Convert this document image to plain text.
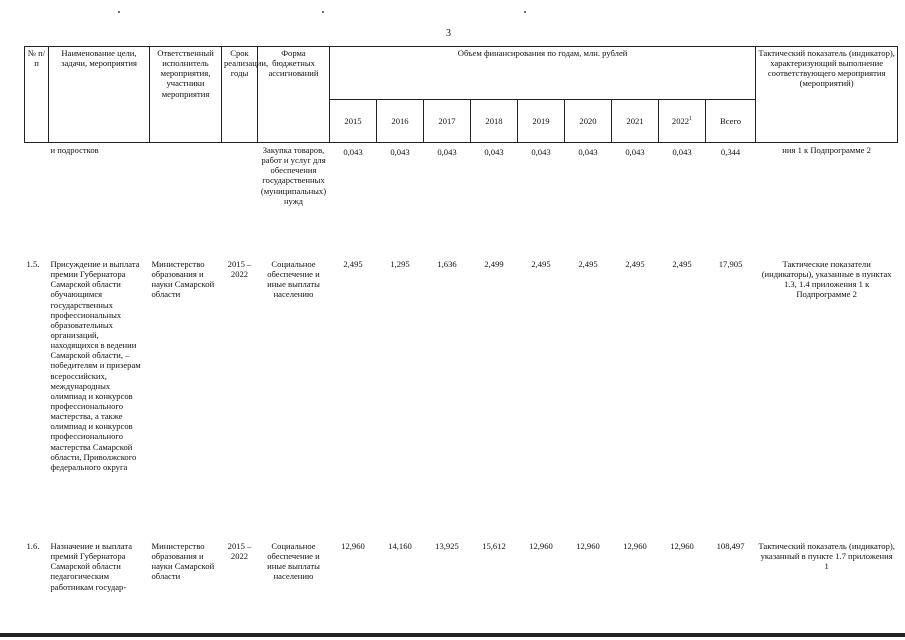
3
№ п/п	Наименование цели, задачи, мероприятия	Ответственный исполнитель мероприятия, участники мероприятия	Срок реализации, годы	Форма бюджетных ассигнований	Объем финансирования по годам, млн. рублей									Тактический показатель (индикатор), характеризующий выполнение соответствующего мероприятия (мероприятий)
					2015	2016	2017	2018	2019	2020	2021	2022$^1$	Всего	
	и подростков			Закупка товаров, работ и услуг для обеспечения государственных (муниципальных) нужд	0,043	0,043	0,043	0,043	0,043	0,043	0,043	0,043	0,344	ния 1 к Подпрограмме 2
1.5.	Присуждение и выплата премии Губернатора Самарской области обучающимся государственных профессиональных образовательных организаций, находящихся в ведении Самарской области, – победителям и призерам всероссийских, международных олимпиад и конкурсов профессионального мастерства, а также олимпиад и конкурсов профессионального мастерства Самарской области, Приволжского федерального округа	Министерство образования и науки Самарской области	2015 – 2022	Социальное обеспечение и иные выплаты населению	2,495	1,295	1,636	2,499	2,495	2,495	2,495	2,495	17,905	Тактические показатели (индикаторы), указанные в пунктах 1.3, 1.4 приложения 1 к Подпрограмме 2
1.6.	Назначение и выплата премий Губернатора Самарской области педагогическим работникам государ-	Министерство образования и науки Самарской области	2015 – 2022	Социальное обеспечение и иные выплаты населению	12,960	14,160	13,925	15,612	12,960	12,960	12,960	12,960	108,497	Тактический показатель (индикатор), указанный в пункте 1.7 приложения 1
